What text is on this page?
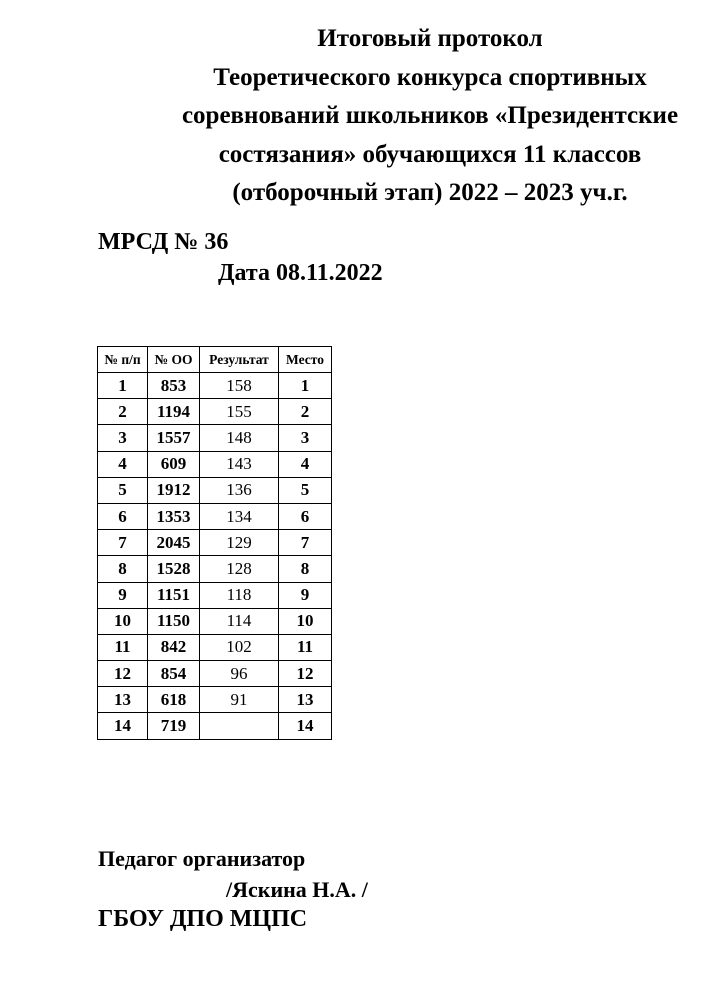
Итоговый протокол
Теоретического конкурса спортивных
соревнований школьников «Президентские
состязания» обучающихся 11 классов
(отборочный этап) 2022 – 2023 уч.г.
МРСД № 36
Дата 08.11.2022
№ п/п	№ ОО	Результат	Место
1	853	158	1
2	1194	155	2
3	1557	148	3
4	609	143	4
5	1912	136	5
6	1353	134	6
7	2045	129	7
8	1528	128	8
9	1151	118	9
10	1150	114	10
11	842	102	11
12	854	96	12
13	618	91	13
14	719		14
Педагог организатор
/Яскина Н.А. /
ГБОУ ДПО МЦПС
